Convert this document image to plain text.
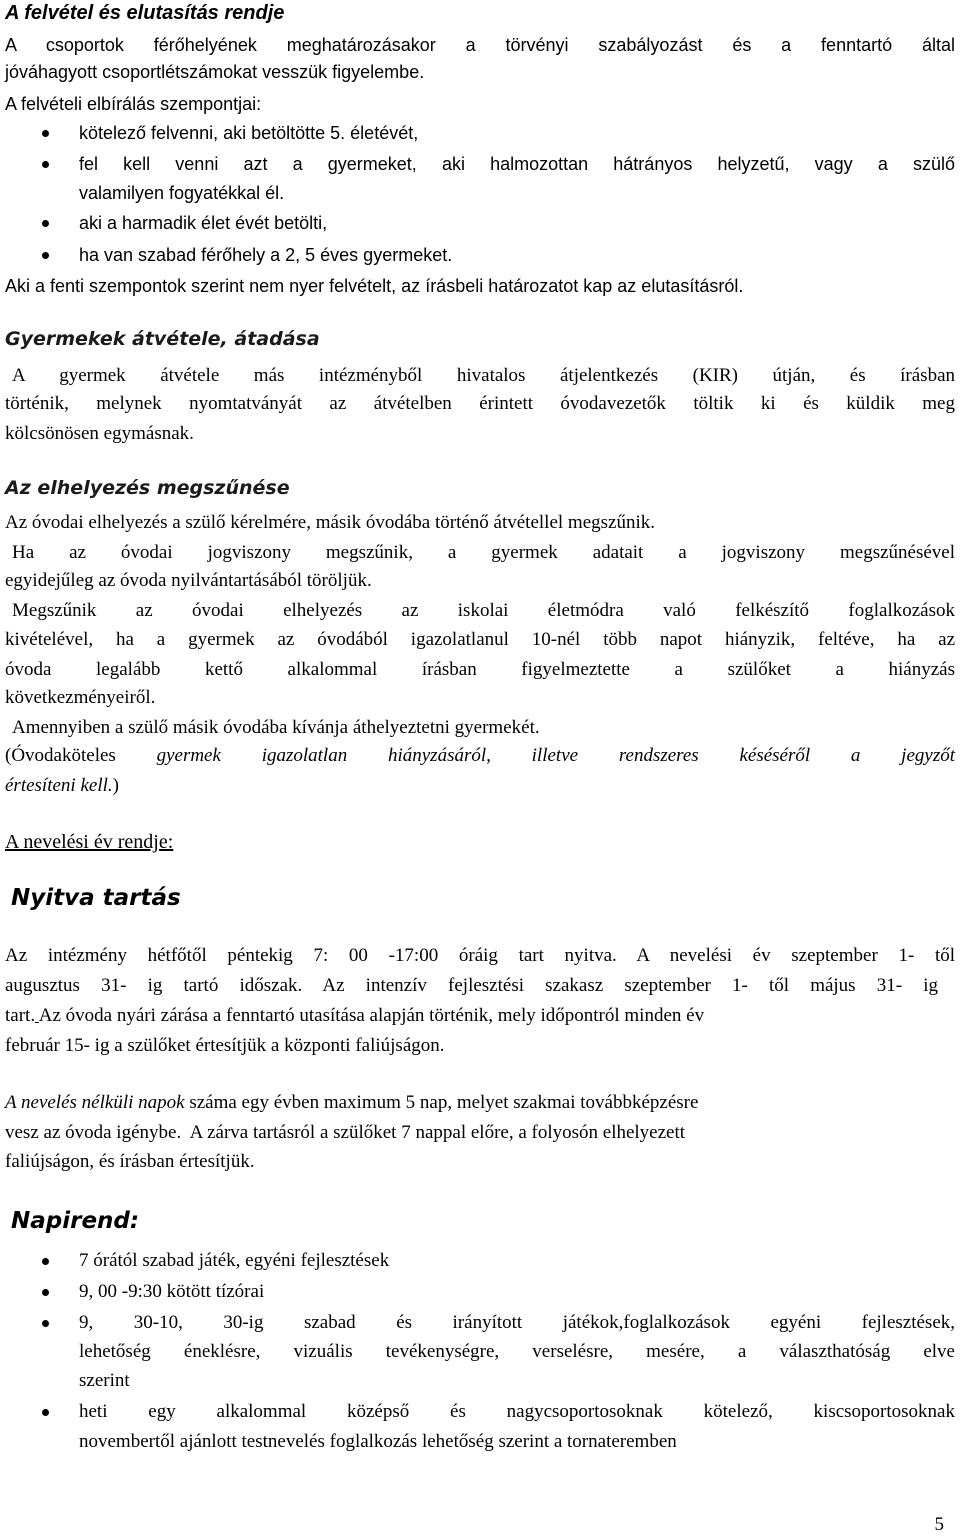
A felvétel és elutasítás rendje
A csoportok férőhelyének meghatározásakor a törvényi szabályozást és a fenntartó által
jóváhagyott csoportlétszámokat vesszük figyelembe.
A felvételi elbírálás szempontjai:
kötelező felvenni, aki betöltötte 5. életévét,
fel kell venni azt a gyermeket, aki halmozottan hátrányos helyzetű, vagy a szülő
valamilyen fogyatékkal él.
aki a harmadik élet évét betölti,
ha van szabad férőhely a 2, 5 éves gyermeket.
Aki a fenti szempontok szerint nem nyer felvételt, az írásbeli határozatot kap az elutasításról.
Gyermekek átvétele, átadása
A gyermek átvétele más intézményből hivatalos átjelentkezés (KIR) útján, és írásban
történik, melynek nyomtatványát az átvételben érintett óvodavezetők töltik ki és küldik meg
kölcsönösen egymásnak.
Az elhelyezés megszűnése
Az óvodai elhelyezés a szülő kérelmére, másik óvodába történő átvétellel megszűnik.
Ha az óvodai jogviszony megszűnik, a gyermek adatait a jogviszony megszűnésével
egyidejűleg az óvoda nyilvántartásából töröljük.
Megszűnik az óvodai elhelyezés az iskolai életmódra való felkészítő foglalkozások
kivételével, ha a gyermek az óvodából igazolatlanul 10-nél több napot hiányzik, feltéve, ha az
óvoda legalább kettő alkalommal írásban figyelmeztette a szülőket a hiányzás
következményeiről.
Amennyiben a szülő másik óvodába kívánja áthelyeztetni gyermekét.
(Óvodaköteles gyermek igazolatlan hiányzásáról, illetve rendszeres késéséről a jegyzőt
értesíteni kell.)
A nevelési év rendje:
Nyitva tartás
Az intézmény hétfőtől péntekig 7: 00 -17:00 óráig tart nyitva. A nevelési év szeptember 1- től
augusztus 31- ig tartó időszak. Az intenzív fejlesztési szakasz szeptember 1- től május 31- ig
tart. Az óvoda nyári zárása a fenntartó utasítása alapján történik, mely időpontról minden év
február 15- ig a szülőket értesítjük a központi faliújságon.
A nevelés nélküli napok száma egy évben maximum 5 nap, melyet szakmai továbbképzésre
vesz az óvoda igénybe.  A zárva tartásról a szülőket 7 nappal előre, a folyosón elhelyezett
faliújságon, és írásban értesítjük.
Napirend:
7 órától szabad játék, egyéni fejlesztések
9, 00 -9:30 kötött tízórai
9, 30-10, 30-ig szabad és irányított játékok,foglalkozások egyéni fejlesztések,
lehetőség éneklésre, vizuális tevékenységre, verselésre, mesére, a választhatóság elve
szerint
heti egy alkalommal középső és nagycsoportosoknak kötelező, kiscsoportosoknak
novembertől ajánlott testnevelés foglalkozás lehetőség szerint a tornateremben
5
